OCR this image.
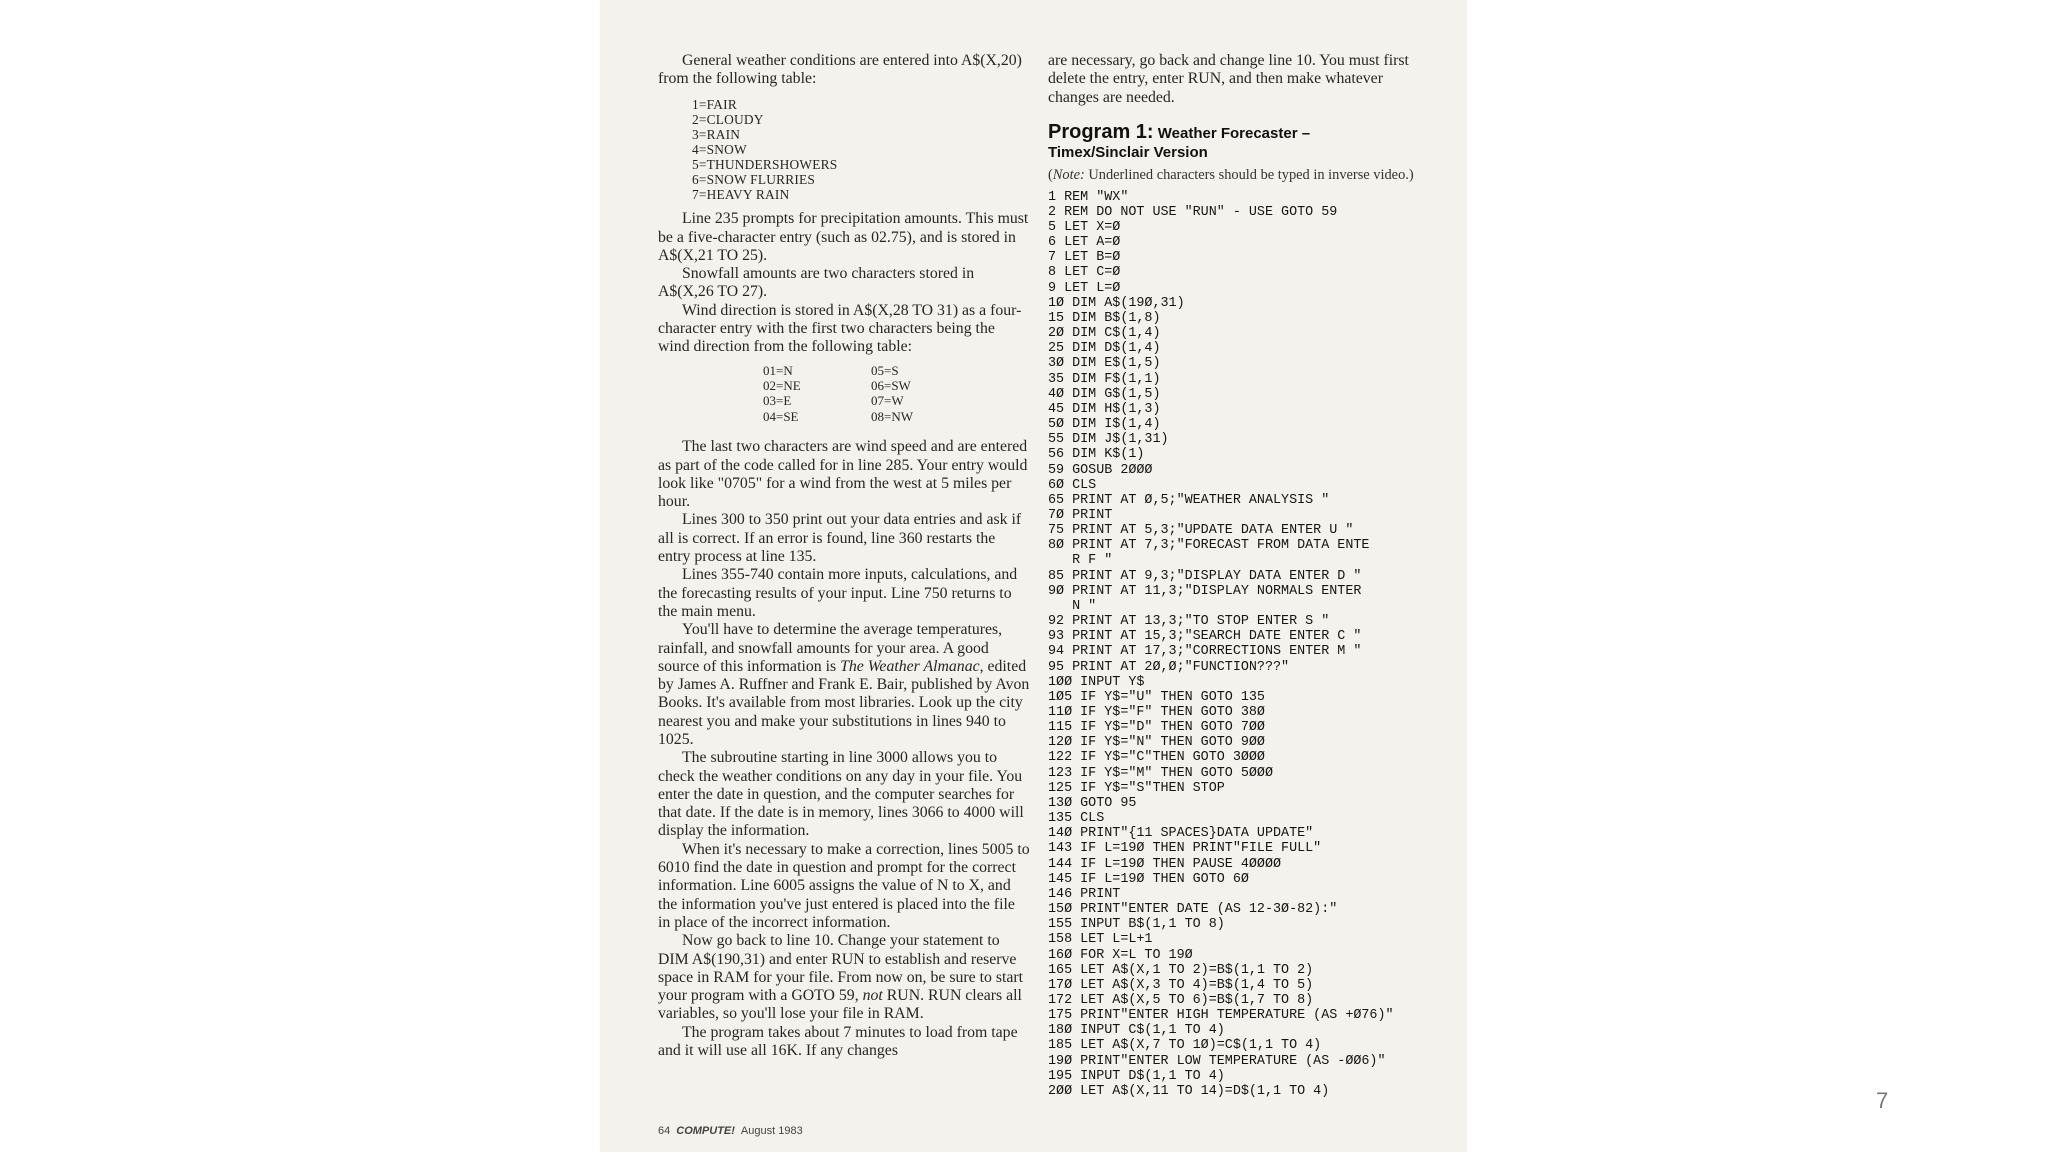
General weather conditions are entered into A$(X,20) from the following table:

1=FAIR
2=CLOUDY
3=RAIN
4=SNOW
5=THUNDERSHOWERS
6=SNOW FLURRIES
7=HEAVY RAIN

Line 235 prompts for precipitation amounts. This must be a five-character entry (such as 02.75), and is stored in A$(X,21 TO 25).

Snowfall amounts are two characters stored in A$(X,26 TO 27).

Wind direction is stored in A$(X,28 TO 31) as a four-character entry with the first two characters being the wind direction from the following table:

01=N	05=S
02=NE	06=SW
03=E	07=W
04=SE	08=NW

The last two characters are wind speed and are entered as part of the code called for in line 285. Your entry would look like "0705" for a wind from the west at 5 miles per hour.

Lines 300 to 350 print out your data entries and ask if all is correct. If an error is found, line 360 restarts the entry process at line 135.

Lines 355-740 contain more inputs, calculations, and the forecasting results of your input. Line 750 returns to the main menu.

You'll have to determine the average temperatures, rainfall, and snowfall amounts for your area. A good source of this information is The Weather Almanac, edited by James A. Ruffner and Frank E. Bair, published by Avon Books. It's available from most libraries. Look up the city nearest you and make your substitutions in lines 940 to 1025.

The subroutine starting in line 3000 allows you to check the weather conditions on any day in your file. You enter the date in question, and the computer searches for that date. If the date is in memory, lines 3066 to 4000 will display the information.

When it's necessary to make a correction, lines 5005 to 6010 find the date in question and prompt for the correct information. Line 6005 assigns the value of N to X, and the information you've just entered is placed into the file in place of the incorrect information.

Now go back to line 10. Change your statement to DIM A$(190,31) and enter RUN to establish and reserve space in RAM for your file. From now on, be sure to start your program with a GOTO 59, not RUN. RUN clears all variables, so you'll lose your file in RAM.

The program takes about 7 minutes to load from tape and it will use all 16K. If any changes

are necessary, go back and change line 10. You must first delete the entry, enter RUN, and then make whatever changes are needed.

Program 1: Weather Forecaster –
Timex/Sinclair Version
(Note: Underlined characters should be typed in inverse video.)
1 REM "WX"
2 REM DO NOT USE "RUN" - USE GOTO 59
5 LET X=Ø
6 LET A=Ø
7 LET B=Ø
8 LET C=Ø
9 LET L=Ø
1Ø DIM A$(19Ø,31)
15 DIM B$(1,8)
2Ø DIM C$(1,4)
25 DIM D$(1,4)
3Ø DIM E$(1,5)
35 DIM F$(1,1)
4Ø DIM G$(1,5)
45 DIM H$(1,3)
5Ø DIM I$(1,4)
55 DIM J$(1,31)
56 DIM K$(1)
59 GOSUB 2ØØØ
6Ø CLS
65 PRINT AT Ø,5;"WEATHER ANALYSIS "
7Ø PRINT
75 PRINT AT 5,3;"UPDATE DATA ENTER U "
8Ø PRINT AT 7,3;"FORECAST FROM DATA ENTE
R F "
85 PRINT AT 9,3;"DISPLAY DATA ENTER D "
9Ø PRINT AT 11,3;"DISPLAY NORMALS ENTER
N "
92 PRINT AT 13,3;"TO STOP ENTER S "
93 PRINT AT 15,3;"SEARCH DATE ENTER C "
94 PRINT AT 17,3;"CORRECTIONS ENTER M "
95 PRINT AT 2Ø,Ø;"FUNCTION???"
1ØØ INPUT Y$
1Ø5 IF Y$="U" THEN GOTO 135
11Ø IF Y$="F" THEN GOTO 38Ø
115 IF Y$="D" THEN GOTO 7ØØ
12Ø IF Y$="N" THEN GOTO 9ØØ
122 IF Y$="C"THEN GOTO 3ØØØ
123 IF Y$="M" THEN GOTO 5ØØØ
125 IF Y$="S"THEN STOP
13Ø GOTO 95
135 CLS
14Ø PRINT"{11 SPACES}DATA UPDATE"
143 IF L=19Ø THEN PRINT"FILE FULL"
144 IF L=19Ø THEN PAUSE 4ØØØØ
145 IF L=19Ø THEN GOTO 6Ø
146 PRINT
15Ø PRINT"ENTER DATE (AS 12-3Ø-82):"
155 INPUT B$(1,1 TO 8)
158 LET L=L+1
16Ø FOR X=L TO 19Ø
165 LET A$(X,1 TO 2)=B$(1,1 TO 2)
17Ø LET A$(X,3 TO 4)=B$(1,4 TO 5)
172 LET A$(X,5 TO 6)=B$(1,7 TO 8)
175 PRINT"ENTER HIGH TEMPERATURE (AS +Ø76)"
18Ø INPUT C$(1,1 TO 4)
185 LET A$(X,7 TO 1Ø)=C$(1,1 TO 4)
19Ø PRINT"ENTER LOW TEMPERATURE (AS -ØØ6)"
195 INPUT D$(1,1 TO 4)
2ØØ LET A$(X,11 TO 14)=D$(1,1 TO 4)
64 COMPUTE! August 1983
7
